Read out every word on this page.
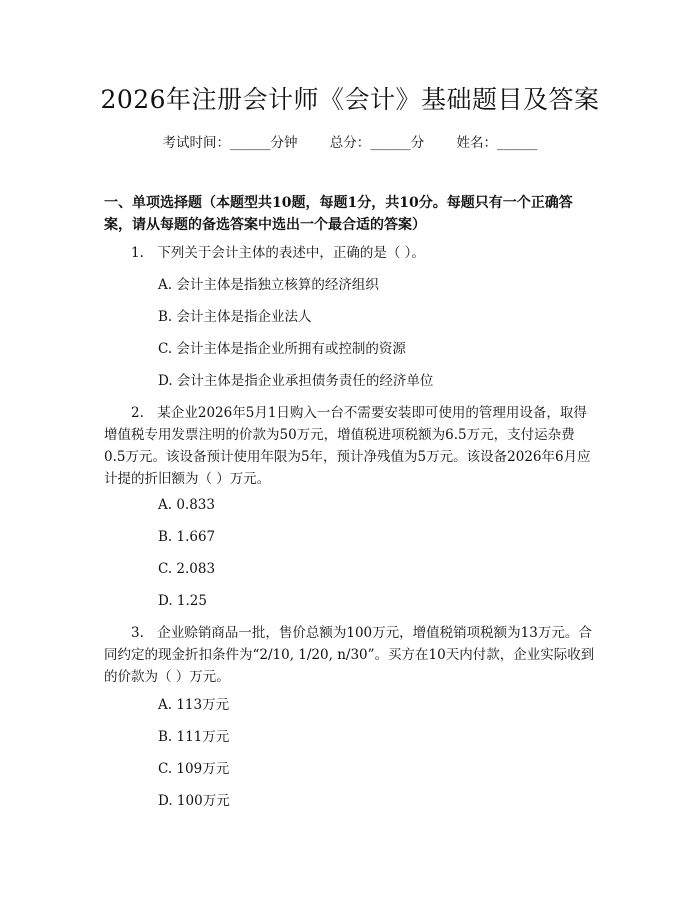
2026年注册会计师《会计》基础题目及答案
考试时间：______分钟 总分：______分 姓名：______
一、单项选择题（本题型共10题，每题1分，共10分。每题只有一个正确答案，请从每题的备选答案中选出一个最合适的答案）
1.　下列关于会计主体的表述中，正确的是（ ）。
A. 会计主体是指独立核算的经济组织
B. 会计主体是指企业法人
C. 会计主体是指企业所拥有或控制的资源
D. 会计主体是指企业承担债务责任的经济单位
2.　某企业2026年5月1日购入一台不需要安装即可使用的管理用设备，取得增值税专用发票注明的价款为50万元，增值税进项税额为6.5万元，支付运杂费0.5万元。该设备预计使用年限为5年，预计净残值为5万元。该设备2026年6月应计提的折旧额为（ ）万元。
A. 0.833
B. 1.667
C. 2.083
D. 1.25
3.　企业赊销商品一批，售价总额为100万元，增值税销项税额为13万元。合同约定的现金折扣条件为“2/10, 1/20, n/30”。买方在10天内付款，企业实际收到的价款为（ ）万元。
A. 113万元
B. 111万元
C. 109万元
D. 100万元
